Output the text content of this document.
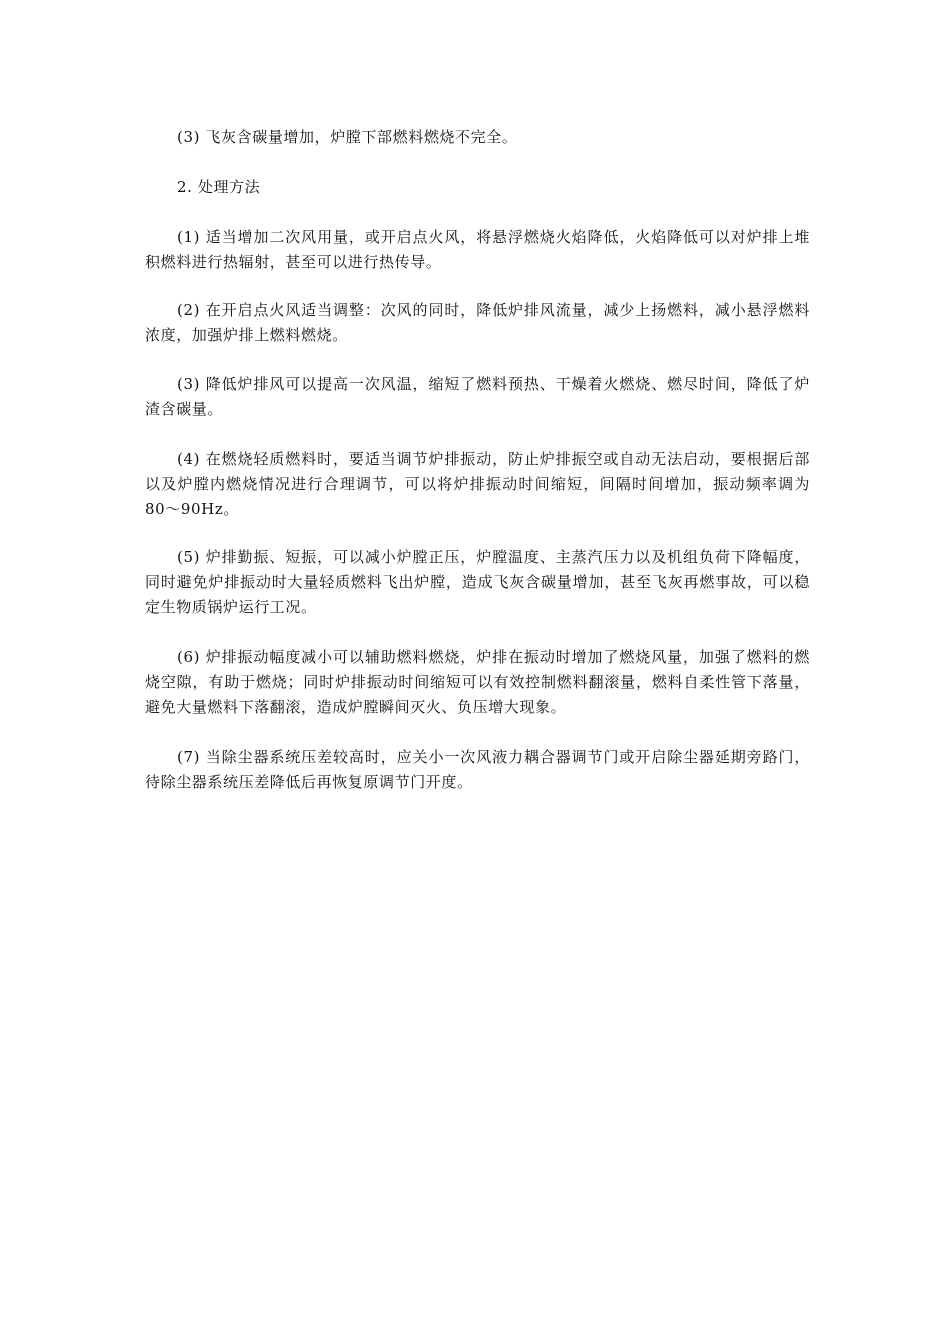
(3) 飞灰含碳量增加，炉膛下部燃料燃烧不完全。

2. 处理方法

(1) 适当增加二次风用量，或开启点火风，将悬浮燃烧火焰降低，火焰降低可以对炉排上堆积燃料进行热辐射，甚至可以进行热传导。

(2) 在开启点火风适当调整：次风的同时，降低炉排风流量，减少上扬燃料，减小悬浮燃料浓度，加强炉排上燃料燃烧。

(3) 降低炉排风可以提高一次风温，缩短了燃料预热、干燥着火燃烧、燃尽时间，降低了炉渣含碳量。

(4) 在燃烧轻质燃料时，要适当调节炉排振动，防止炉排振空或自动无法启动，要根据后部以及炉膛内燃烧情况进行合理调节，可以将炉排振动时间缩短，间隔时间增加，振动频率调为 80～90Hz。

(5) 炉排勤振、短振，可以减小炉膛正压，炉膛温度、主蒸汽压力以及机组负荷下降幅度，同时避免炉排振动时大量轻质燃料飞出炉膛，造成飞灰含碳量增加，甚至飞灰再燃事故，可以稳定生物质锅炉运行工况。

(6) 炉排振动幅度减小可以辅助燃料燃烧，炉排在振动时增加了燃烧风量，加强了燃料的燃烧空隙，有助于燃烧；同时炉排振动时间缩短可以有效控制燃料翻滚量，燃料自柔性管下落量，避免大量燃料下落翻滚，造成炉膛瞬间灭火、负压增大现象。

(7) 当除尘器系统压差较高时，应关小一次风液力耦合器调节门或开启除尘器延期旁路门，待除尘器系统压差降低后再恢复原调节门开度。
